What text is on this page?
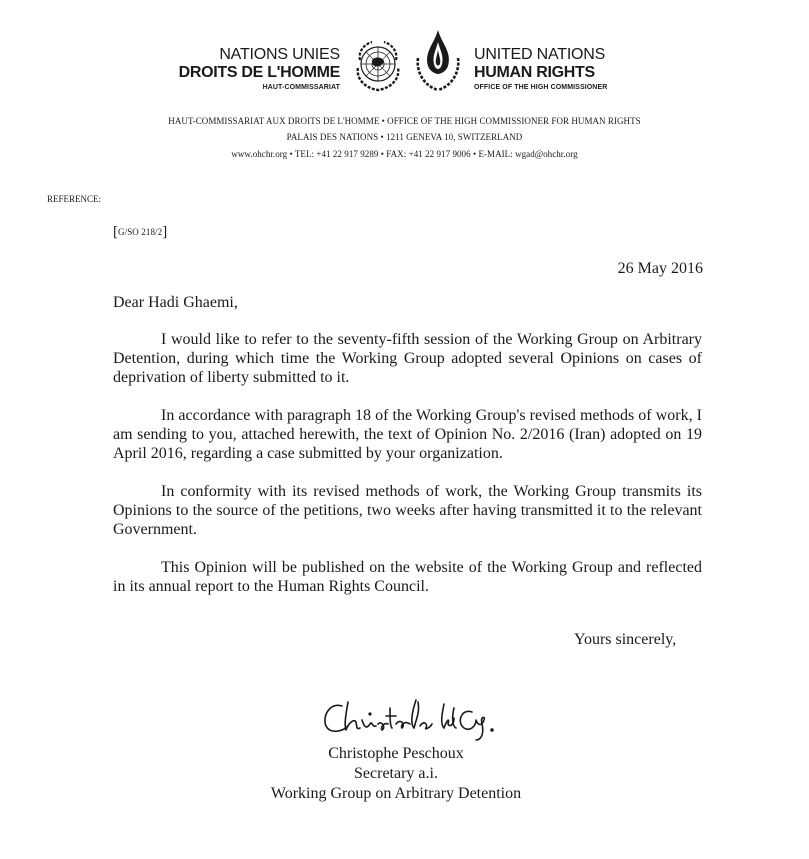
NATIONS UNIES
DROITS DE L'HOMME
HAUT-COMMISSARIAT
UNITED NATIONS
HUMAN RIGHTS
OFFICE OF THE HIGH COMMISSIONER
HAUT-COMMISSARIAT AUX DROITS DE L'HOMME • OFFICE OF THE HIGH COMMISSIONER FOR HUMAN RIGHTS
PALAIS DES NATIONS • 1211 GENEVA 10, SWITZERLAND
www.ohchr.org • TEL: +41 22 917 9289 • FAX: +41 22 917 9006 • E-MAIL: wgad@ohchr.org
REFERENCE:
[G/SO 218/2]
26 May 2016
Dear Hadi Ghaemi,
I would like to refer to the seventy-fifth session of the Working Group on Arbitrary Detention, during which time the Working Group adopted several Opinions on cases of deprivation of liberty submitted to it.
In accordance with paragraph 18 of the Working Group's revised methods of work, I am sending to you, attached herewith, the text of Opinion No. 2/2016 (Iran) adopted on 19 April 2016, regarding a case submitted by your organization.
In conformity with its revised methods of work, the Working Group transmits its Opinions to the source of the petitions, two weeks after having transmitted it to the relevant Government.
This Opinion will be published on the website of the Working Group and reflected in its annual report to the Human Rights Council.
Yours sincerely,
Christophe Peschoux
Secretary a.i.
Working Group on Arbitrary Detention
